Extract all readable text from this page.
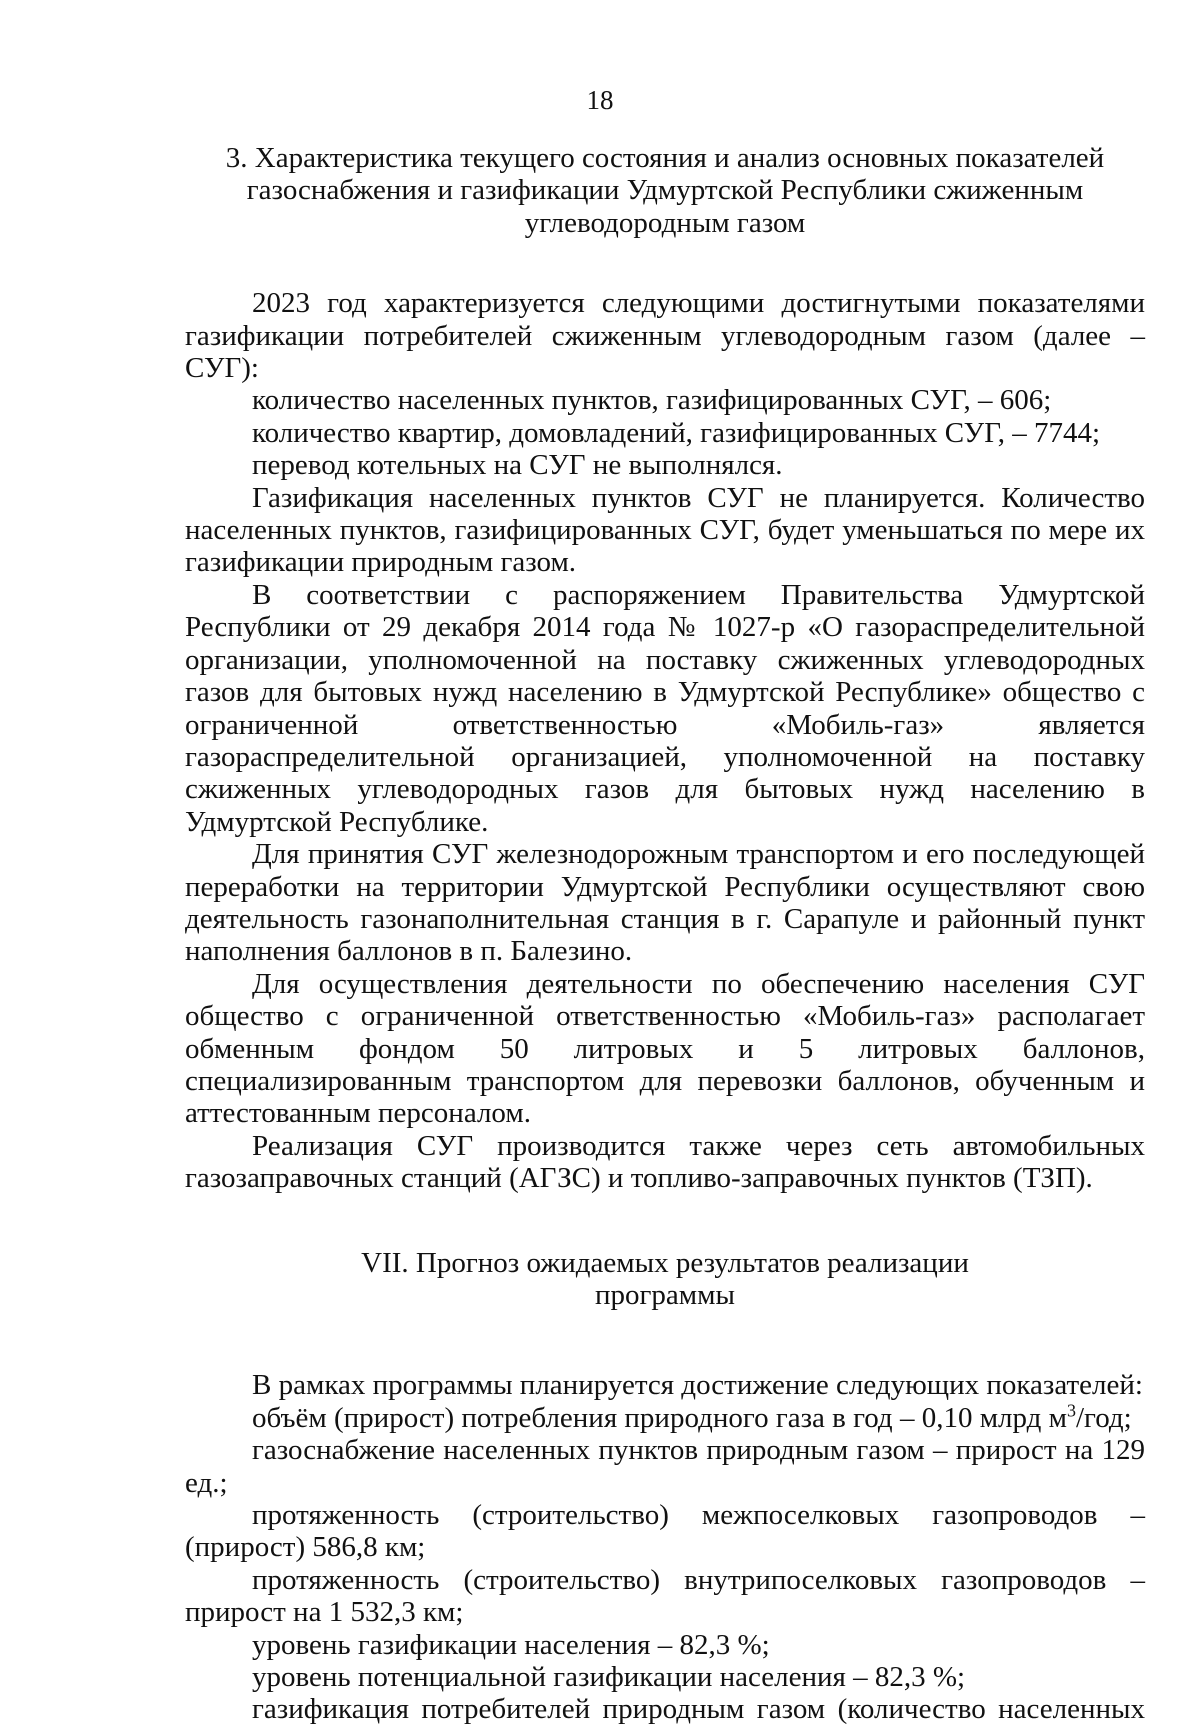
18
3. Характеристика текущего состояния и анализ основных показателей
газоснабжения и газификации Удмуртской Республики сжиженным
углеводородным газом

2023 год характеризуется следующими достигнутыми показателями газификации потребителей сжиженным углеводородным газом (далее – СУГ):

количество населенных пунктов, газифицированных СУГ, – 606;

количество квартир, домовладений, газифицированных СУГ, – 7744;

перевод котельных на СУГ не выполнялся.

Газификация населенных пунктов СУГ не планируется. Количество населенных пунктов, газифицированных СУГ, будет уменьшаться по мере их газификации природным газом.

В соответствии с распоряжением Правительства Удмуртской Республики от 29 декабря 2014 года № 1027-р «О газораспределительной организации, уполномоченной на поставку сжиженных углеводородных газов для бытовых нужд населению в Удмуртской Республике» общество с ограниченной ответственностью «Мобиль-газ» является газораспределительной организацией, уполномоченной на поставку сжиженных углеводородных газов для бытовых нужд населению в Удмуртской Республике.

Для принятия СУГ железнодорожным транспортом и его последующей переработки на территории Удмуртской Республики осуществляют свою деятельность газонаполнительная станция в г. Сарапуле и районный пункт наполнения баллонов в п. Балезино.

Для осуществления деятельности по обеспечению населения СУГ общество с ограниченной ответственностью «Мобиль-газ» располагает обменным фондом 50 литровых и 5 литровых баллонов, специализированным транспортом для перевозки баллонов, обученным и аттестованным персоналом.

Реализация СУГ производится также через сеть автомобильных газозаправочных станций (АГЗС) и топливо-заправочных пунктов (ТЗП).

VII. Прогноз ожидаемых результатов реализации
программы

В рамках программы планируется достижение следующих показателей:

объём (прирост) потребления природного газа в год – 0,10 млрд $м^3$/год;

газоснабжение населенных пунктов природным газом – прирост на 129 ед.;

протяженность (строительство) межпоселковых газопроводов – (прирост) 586,8 км;

протяженность (строительство) внутрипоселковых газопроводов – прирост на 1 532,3 км;

уровень газификации населения – 82,3 %;

уровень потенциальной газификации населения – 82,3 %;

газификация потребителей природным газом (количество населенных
